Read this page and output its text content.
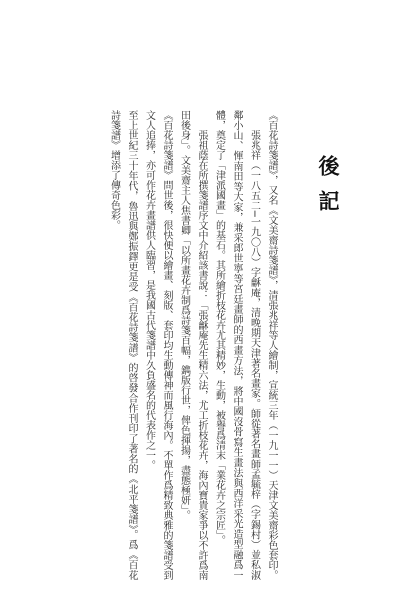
後記

《百花詩箋譜》，又名《文美齋詩箋譜》，清張兆祥等人繪制，宣統三年（一九一一）天津文美齋彩色套印。

張兆祥（一八五二─一九〇八）字龢庵，清晚期天津著名畫家。師從著名畫師孟毓梓（字錫村）並私淑鄰小山、惲南田等大家，兼采郎世寧等宮廷畫師的西畫方法，將中國沒骨寫生畫法與西洋采光造型融爲一體，奠定了「津派國畫」的基石。其所繪折枝花卉尤其精妙，生動，被譽爲清末「業花卉之宗匠」。

張祖蔭在所撰箋譜序文中介紹該書說：「張龢庵先生精六法，尤工折枝花卉，海內寶貴家爭以不許爲南田後身」。文美齋主人焦書卿「以所畫花卉制爲詩箋百幅，鐫版行世，俾色揮揚，盡態極妍」。

《百花詩箋譜》問世後，很快便以繪畫、刻版、套印均生動傳神而風行海內。不單作爲精致典雅的箋譜受到文人追捧，亦可作花卉畫譜供人臨習，是我國古代箋譜中久負盛名的代表作之一。

至上世紀三十年代，魯迅與鄭振鐸更是受《百花詩箋譜》的啓發合作刊印了著名的《北平箋譜》。爲《百花詩箋譜》增添了傳奇色彩。
